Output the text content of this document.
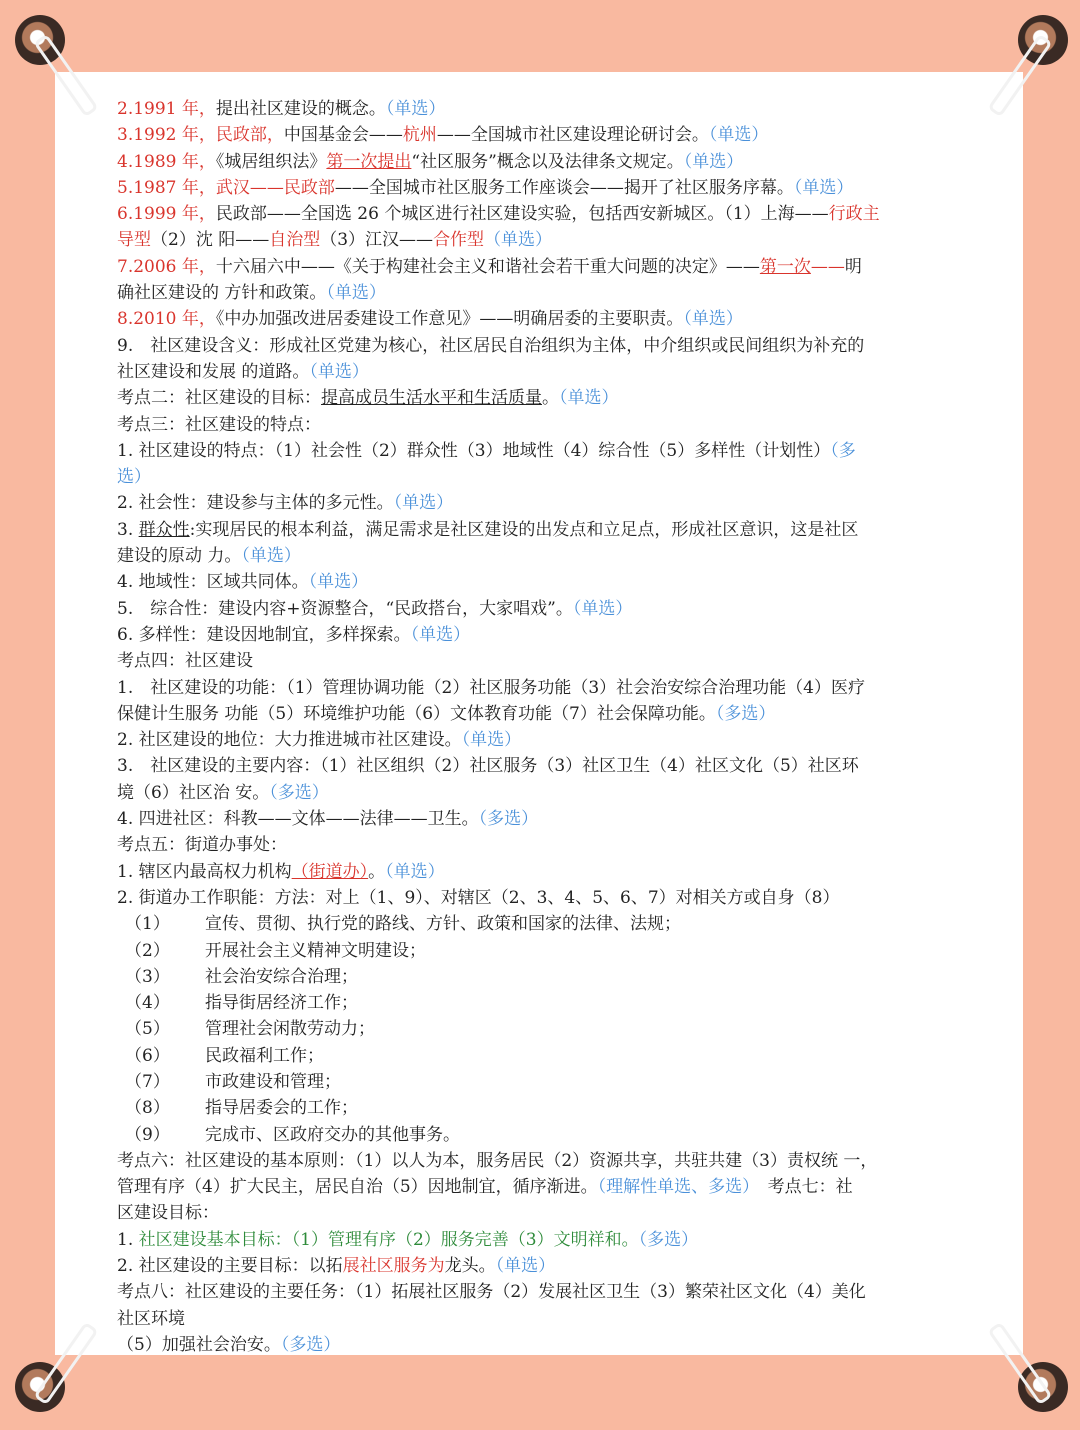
2.1991 年，提出社区建设的概念。（单选）
3.1992 年，民政部，中国基金会——杭州——全国城市社区建设理论研讨会。（单选）
4.1989 年，《城居组织法》第一次提出“社区服务”概念以及法律条文规定。（单选）
5.1987 年，武汉——民政部——全国城市社区服务工作座谈会——揭开了社区服务序幕。（单选）
6.1999 年，民政部——全国选 26 个城区进行社区建设实验，包括西安新城区。（1）上海——行政主
导型（2）沈 阳——自治型（3）江汉——合作型（单选）
7.2006 年，十六届六中——《关于构建社会主义和谐社会若干重大问题的决定》——第一次——明
确社区建设的 方针和政策。（单选）
8.2010 年，《中办加强改进居委建设工作意见》——明确居委的主要职责。（单选）
9.　社区建设含义：形成社区党建为核心，社区居民自治组织为主体，中介组织或民间组织为补充的
社区建设和发展 的道路。（单选）
考点二：社区建设的目标：提高成员生活水平和生活质量。（单选）
考点三：社区建设的特点：
1. 社区建设的特点：（1）社会性（2）群众性（3）地域性（4）综合性（5）多样性（计划性）（多
选）
2. 社会性：建设参与主体的多元性。（单选）
3. 群众性:实现居民的根本利益，满足需求是社区建设的出发点和立足点，形成社区意识，这是社区
建设的原动 力。（单选）
4. 地域性：区域共同体。（单选）
5.　综合性：建设内容+资源整合，“民政搭台，大家唱戏”。（单选）
6. 多样性：建设因地制宜，多样探索。（单选）
考点四：社区建设
1.　社区建设的功能：（1）管理协调功能（2）社区服务功能（3）社会治安综合治理功能（4）医疗
保健计生服务 功能（5）环境维护功能（6）文体教育功能（7）社会保障功能。（多选）
2. 社区建设的地位：大力推进城市社区建设。（单选）
3.　社区建设的主要内容：（1）社区组织（2）社区服务（3）社区卫生（4）社区文化（5）社区环
境（6）社区治 安。（多选）
4. 四进社区：科教——文体——法律——卫生。（多选）
考点五：街道办事处：
1. 辖区内最高权力机构（街道办）。（单选）
2. 街道办工作职能：方法：对上（1、9）、对辖区（2、3、4、5、6、7）对相关方或自身（8）
（1） 宣传、贯彻、执行党的路线、方针、政策和国家的法律、法规；
（2） 开展社会主义精神文明建设；
（3） 社会治安综合治理；
（4） 指导街居经济工作；
（5） 管理社会闲散劳动力；
（6） 民政福利工作；
（7） 市政建设和管理；
（8） 指导居委会的工作；
（9） 完成市、区政府交办的其他事务。
考点六：社区建设的基本原则：（1）以人为本，服务居民（2）资源共享，共驻共建（3）责权统 一，
管理有序（4）扩大民主，居民自治（5）因地制宜，循序渐进。（理解性单选、多选）　考点七：社
区建设目标：
1. 社区建设基本目标：（1）管理有序（2）服务完善（3）文明祥和。（多选）
2. 社区建设的主要目标：以拓展社区服务为龙头。（单选）
考点八：社区建设的主要任务：（1）拓展社区服务（2）发展社区卫生（3）繁荣社区文化（4）美化
社区环境
（5）加强社会治安。（多选）
